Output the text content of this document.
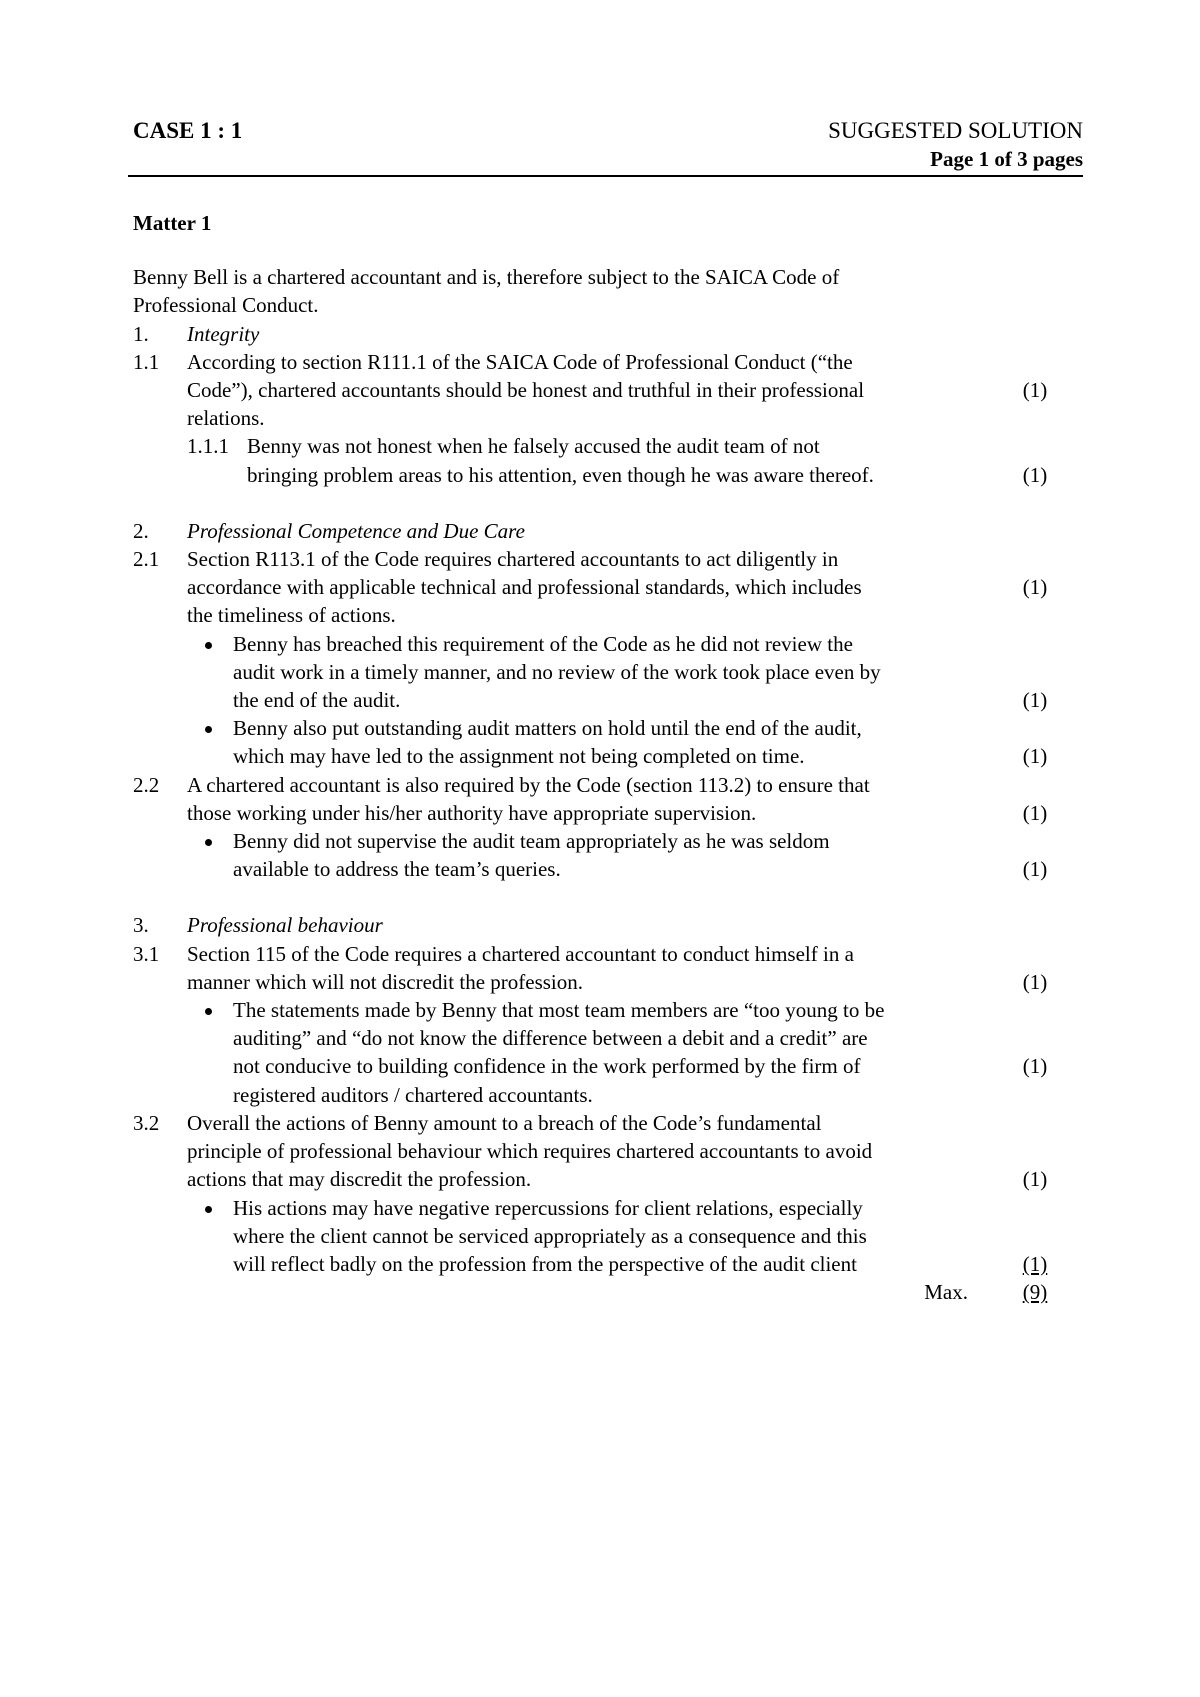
CASE 1 : 1	SUGGESTED SOLUTION
Page 1 of 3 pages
Matter 1
Benny Bell is a chartered accountant and is, therefore subject to the SAICA Code of
Professional Conduct.
1.	Integrity
1.1	According to section R111.1 of the SAICA Code of Professional Conduct (“the
Code”), chartered accountants should be honest and truthful in their professional	(1)
relations.
1.1.1 Benny was not honest when he falsely accused the audit team of not
bringing problem areas to his attention, even though he was aware thereof.	(1)
2.	Professional Competence and Due Care
2.1	Section R113.1 of the Code requires chartered accountants to act diligently in
accordance with applicable technical and professional standards, which includes	(1)
the timeliness of actions.
Benny has breached this requirement of the Code as he did not review the
audit work in a timely manner, and no review of the work took place even by
the end of the audit.	(1)
Benny also put outstanding audit matters on hold until the end of the audit,
which may have led to the assignment not being completed on time.	(1)
2.2	A chartered accountant is also required by the Code (section 113.2) to ensure that
those working under his/her authority have appropriate supervision.	(1)
Benny did not supervise the audit team appropriately as he was seldom
available to address the team’s queries.	(1)
3.	Professional behaviour
3.1	Section 115 of the Code requires a chartered accountant to conduct himself in a
manner which will not discredit the profession.	(1)
The statements made by Benny that most team members are “too young to be
auditing” and “do not know the difference between a debit and a credit” are
not conducive to building confidence in the work performed by the firm of	(1)
registered auditors / chartered accountants.
3.2	Overall the actions of Benny amount to a breach of the Code’s fundamental
principle of professional behaviour which requires chartered accountants to avoid
actions that may discredit the profession.	(1)
His actions may have negative repercussions for client relations, especially
where the client cannot be serviced appropriately as a consequence and this
will reflect badly on the profession from the perspective of the audit client	(1)
Max.	(9)
